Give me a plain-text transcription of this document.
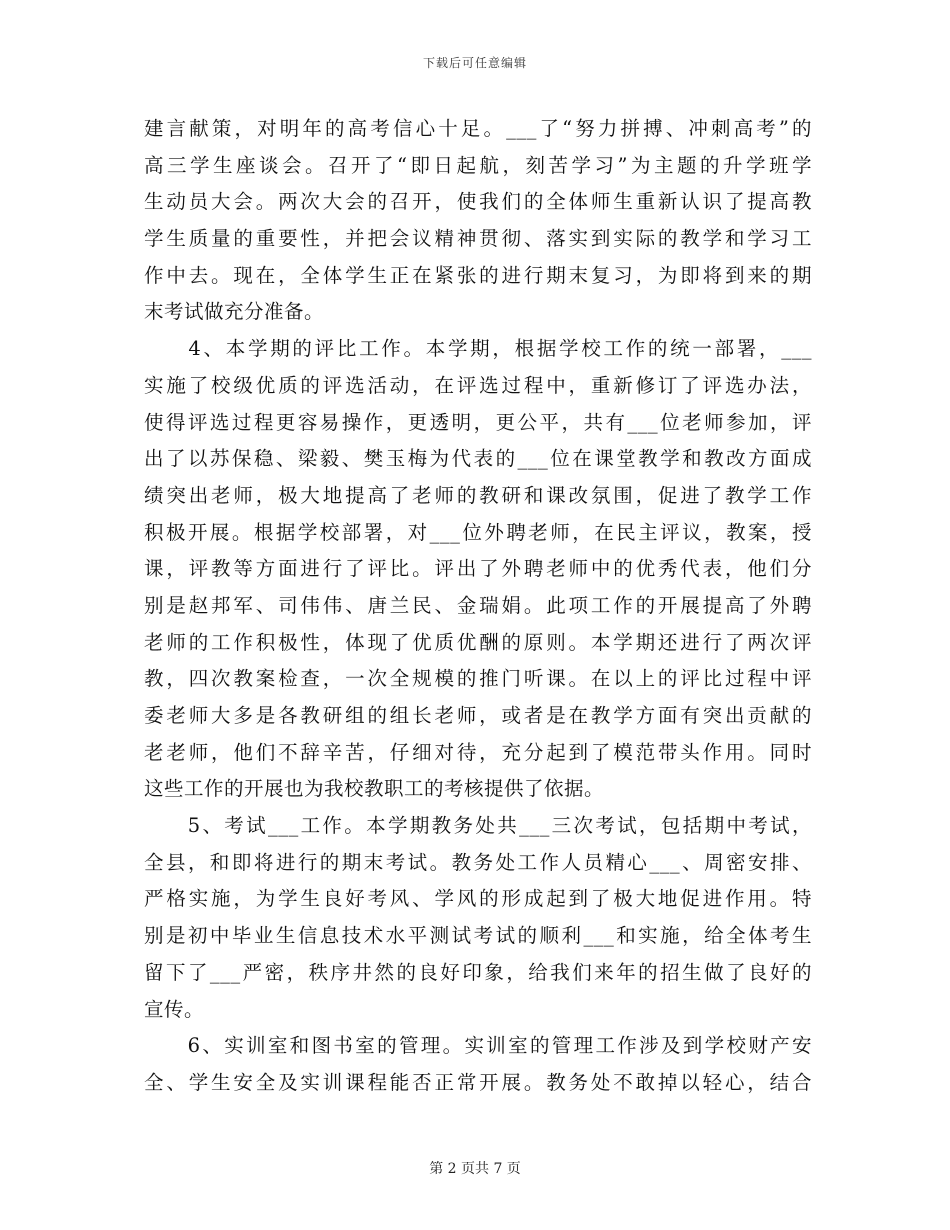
下载后可任意编辑
建言献策，对明年的高考信心十足。___了“努力拼搏、冲刺高考”的
高三学生座谈会。召开了“即日起航，刻苦学习”为主题的升学班学
生动员大会。两次大会的召开，使我们的全体师生重新认识了提高教
学生质量的重要性，并把会议精神贯彻、落实到实际的教学和学习工
作中去。现在，全体学生正在紧张的进行期末复习，为即将到来的期
末考试做充分准备。
　　4、本学期的评比工作。本学期，根据学校工作的统一部署，___
实施了校级优质的评选活动，在评选过程中，重新修订了评选办法，
使得评选过程更容易操作，更透明，更公平，共有___位老师参加，评
出了以苏保稳、梁毅、樊玉梅为代表的___位在课堂教学和教改方面成
绩突出老师，极大地提高了老师的教研和课改氛围，促进了教学工作
积极开展。根据学校部署，对___位外聘老师，在民主评议，教案，授
课，评教等方面进行了评比。评出了外聘老师中的优秀代表，他们分
别是赵邦军、司伟伟、唐兰民、金瑞娟。此项工作的开展提高了外聘
老师的工作积极性，体现了优质优酬的原则。本学期还进行了两次评
教，四次教案检查，一次全规模的推门听课。在以上的评比过程中评
委老师大多是各教研组的组长老师，或者是在教学方面有突出贡献的
老老师，他们不辞辛苦，仔细对待，充分起到了模范带头作用。同时
这些工作的开展也为我校教职工的考核提供了依据。
　　5、考试___工作。本学期教务处共___三次考试，包括期中考试，
全县，和即将进行的期末考试。教务处工作人员精心___、周密安排、
严格实施，为学生良好考风、学风的形成起到了极大地促进作用。特
别是初中毕业生信息技术水平测试考试的顺利___和实施，给全体考生
留下了___严密，秩序井然的良好印象，给我们来年的招生做了良好的
宣传。
　　6、实训室和图书室的管理。实训室的管理工作涉及到学校财产安
全、学生安全及实训课程能否正常开展。教务处不敢掉以轻心，结合
第 2 页共 7 页
